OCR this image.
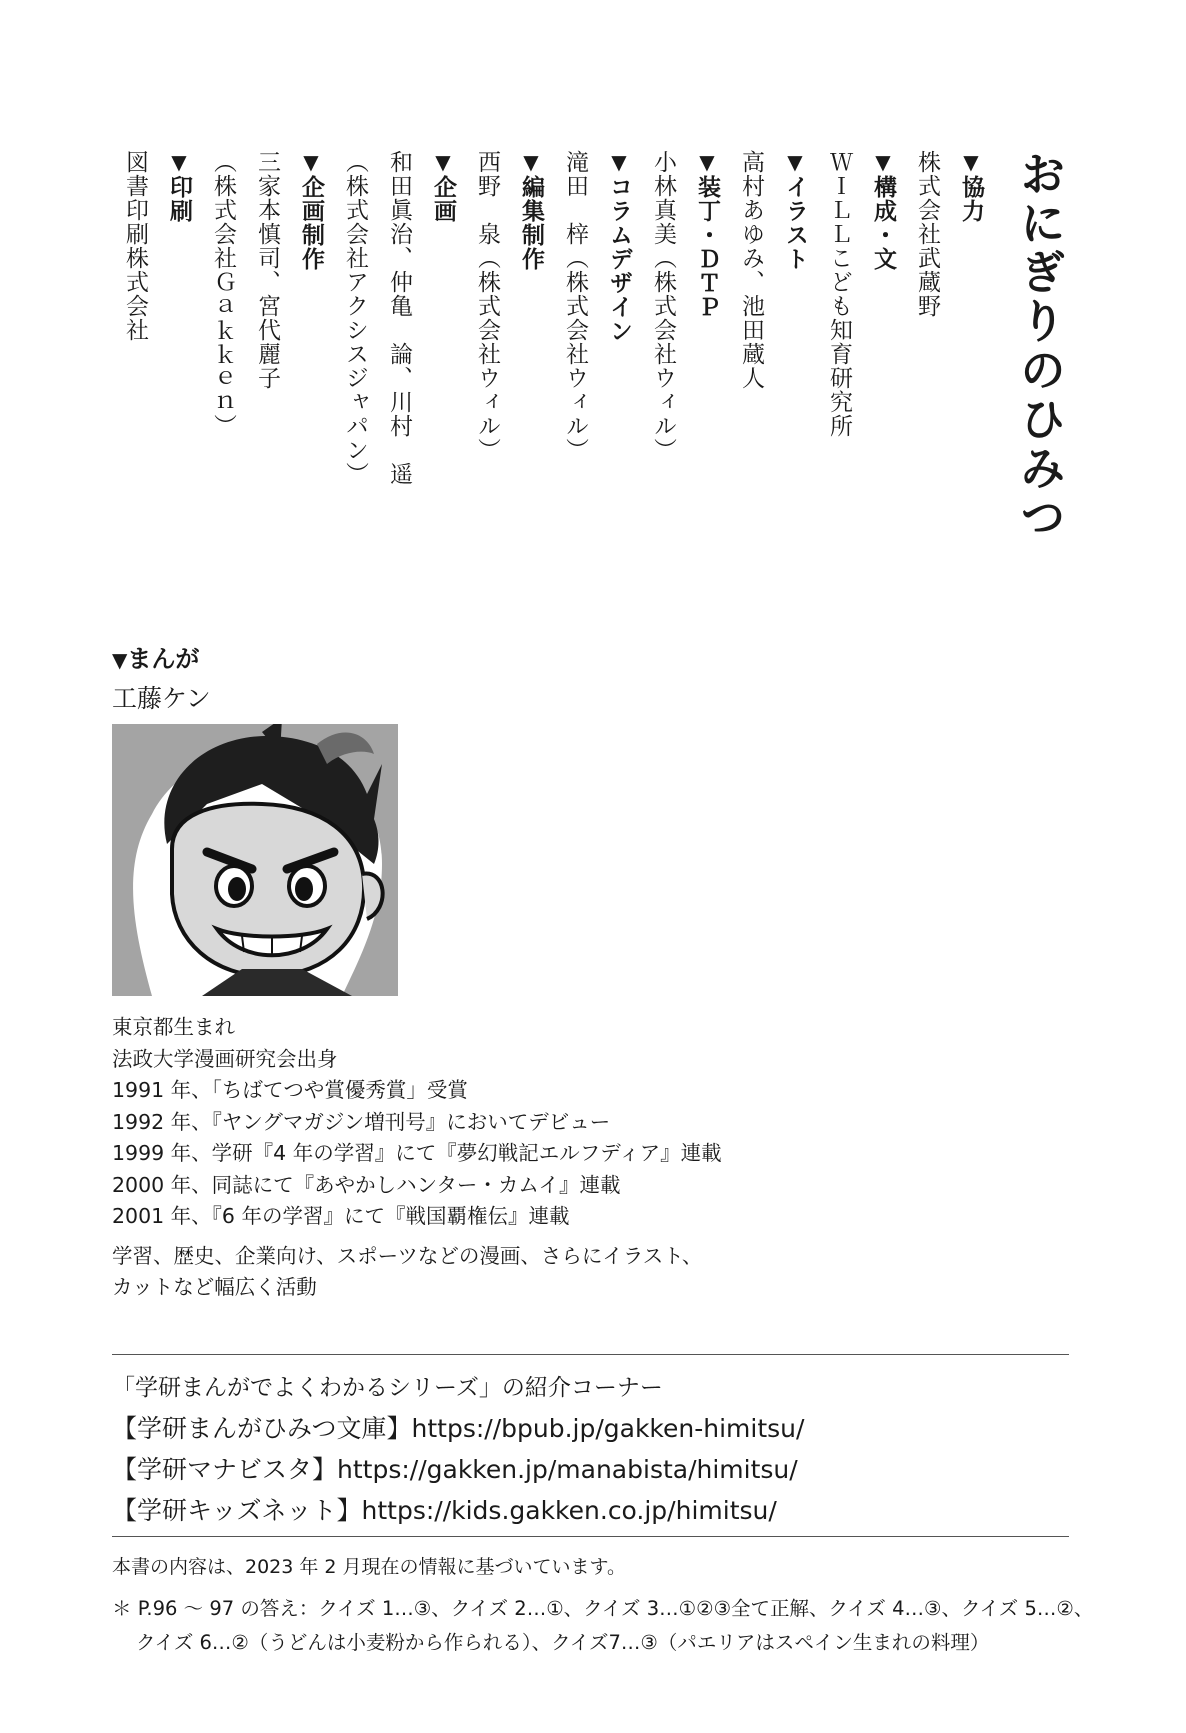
おにぎりのひみつ
▼協力
株式会社武蔵野
▼構成・文
ＷＩＬＬこども知育研究所
▼イラスト
高村あゆみ、池田蔵人
▼装丁・ＤＴＰ
小林真美（株式会社ウィル）
▼コラムデザイン
滝田　梓（株式会社ウィル）
▼編集制作
西野　泉（株式会社ウィル）
▼企画
和田眞治、仲亀　論、川村　遥
（株式会社アクシスジャパン）
▼企画制作
三家本慎司、宮代麗子
（株式会社Ｇａｋｋｅｎ）
▼印刷
図書印刷株式会社
▼まんが
工藤ケン
東京都生まれ
法政大学漫画研究会出身
1991 年、「ちばてつや賞優秀賞」受賞
1992 年、『ヤングマガジン増刊号』においてデビュー
1999 年、学研『4 年の学習』にて『夢幻戦記エルフディア』連載
2000 年、同誌にて『あやかしハンター・カムイ』連載
2001 年、『6 年の学習』にて『戦国覇権伝』連載
学習、歴史、企業向け、スポーツなどの漫画、さらにイラスト、
カットなど幅広く活動
「学研まんがでよくわかるシリーズ」の紹介コーナー
【学研まんがひみつ文庫】https://bpub.jp/gakken-himitsu/
【学研マナビスタ】https://gakken.jp/manabista/himitsu/
【学研キッズネット】https://kids.gakken.co.jp/himitsu/
本書の内容は、2023 年 2 月現在の情報に基づいています。
＊ P.96 〜 97 の答え：クイズ 1…③、クイズ 2…①、クイズ 3…①②③全て正解、クイズ 4…③、クイズ 5…②、
クイズ 6…②（うどんは小麦粉から作られる）、クイズ7…③（パエリアはスペイン生まれの料理）
